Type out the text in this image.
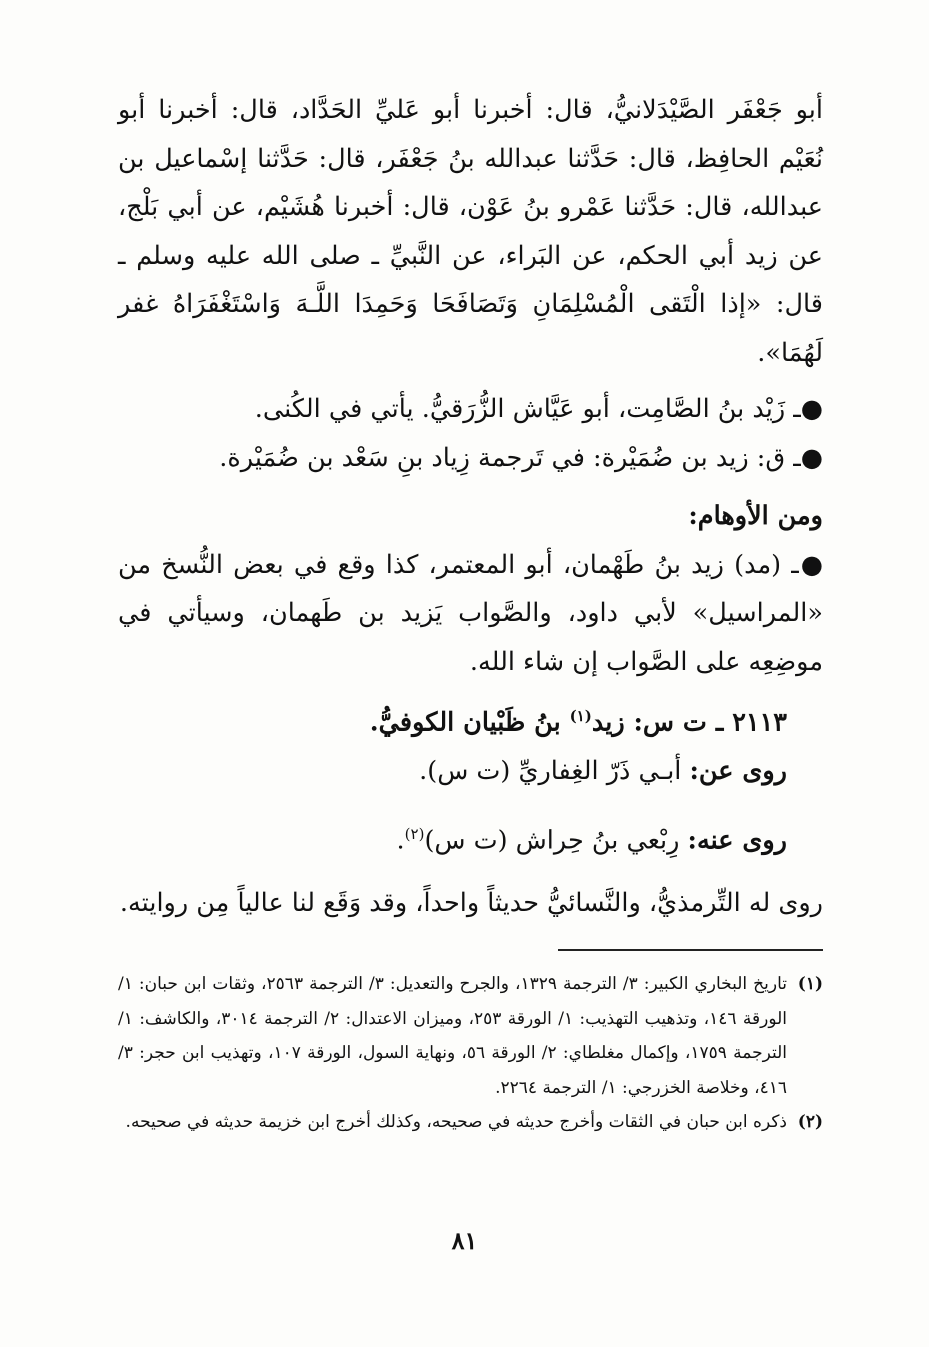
أبو جَعْفَر الصَّيْدَلانيُّ، قال: أخبرنا أبو عَليِّ الحَدَّاد، قال: أخبرنا أبو نُعَيْم الحافِظ، قال: حَدَّثنا عبدالله بنُ جَعْفَر، قال: حَدَّثنا إسْماعيل بن عبدالله، قال: حَدَّثنا عَمْرو بنُ عَوْن، قال: أخبرنا هُشَيْم، عن أبي بَلْج، عن زيد أبي الحكم، عن البَراء، عن النَّبيِّ ـ صلى الله عليه وسلم ـ قال: «إذا الْتَقى الْمُسْلِمَانِ وَتَصَافَحَا وَحَمِدَا اللَّـهَ وَاسْتَغْفَرَاهُ غفر لَهُمَا».

●ـ زَيْد بنُ الصَّامِت، أبو عَيَّاش الزُّرَقيُّ. يأتي في الكُنى.

●ـ ق: زيد بن ضُمَيْرة: في تَرجمة زِياد بنِ سَعْد بن ضُمَيْرة.

ومن الأوهام:

●ـ (مد) زيد بنُ طَهْمان، أبو المعتمر، كذا وقع في بعض النُّسخ من «المراسيل» لأبي داود، والصَّواب يَزيد بن طَهمان، وسيأتي في موضِعِه على الصَّواب إن شاء الله.

٢١١٣ ـ ت س: زيد$^{(١)}$ بنُ ظَبْيان الكوفيُّ.

روى عن: أبـي ذَرّ الغِفاريِّ (ت س).

روى عنه: رِبْعي بنُ حِراش (ت س)$^{(٢)}$.

روى له التِّرمذيُّ، والنَّسائيُّ حديثاً واحداً، وقد وَقَع لنا عالياً مِن روايته.

(١)
تاريخ البخاري الكبير: ٣/ الترجمة ١٣٢٩، والجرح والتعديل: ٣/ الترجمة ٢٥٦٣، وثقات ابن حبان: ١/ الورقة ١٤٦، وتذهيب التهذيب: ١/ الورقة ٢٥٣، وميزان الاعتدال: ٢/ الترجمة ٣٠١٤، والكاشف: ١/ الترجمة ١٧٥٩، وإكمال مغلطاي: ٢/ الورقة ٥٦، ونهاية السول، الورقة ١٠٧، وتهذيب ابن حجر: ٣/ ٤١٦، وخلاصة الخزرجي: ١/ الترجمة ٢٢٦٤.

(٢)
ذكره ابن حبان في الثقات وأخرج حديثه في صحيحه، وكذلك أخرج ابن خزيمة حديثه في صحيحه.

٨١
